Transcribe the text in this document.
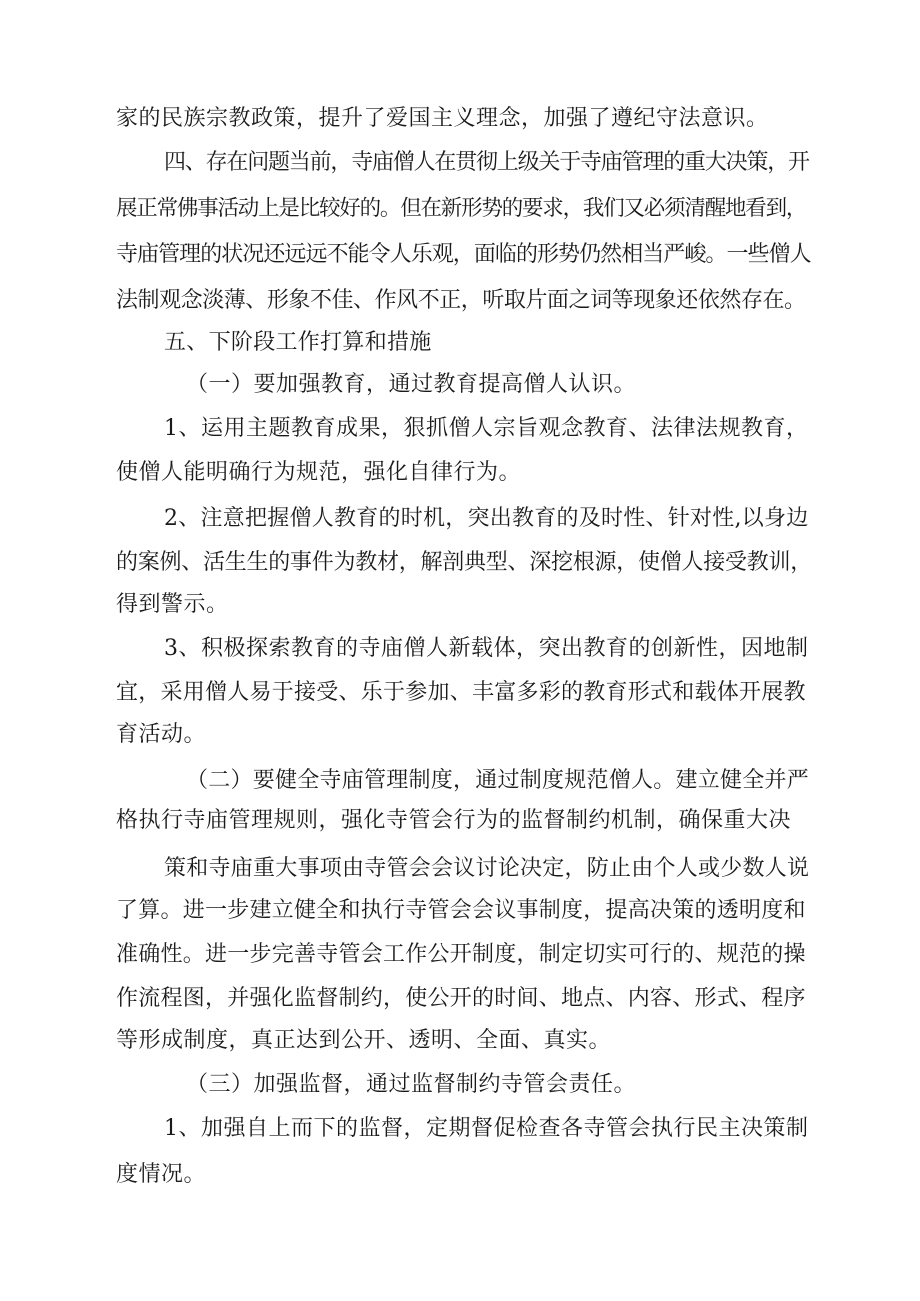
家的民族宗教政策，提升了爱国主义理念，加强了遵纪守法意识。
四、存在问题当前，寺庙僧人在贯彻上级关于寺庙管理的重大决策，开
展正常佛事活动上是比较好的。但在新形势的要求，我们又必须清醒地看到，
寺庙管理的状况还远远不能令人乐观，面临的形势仍然相当严峻。一些僧人
法制观念淡薄、形象不佳、作风不正，听取片面之词等现象还依然存在。
五、下阶段工作打算和措施
（一）要加强教育，通过教育提高僧人认识。
1、运用主题教育成果，狠抓僧人宗旨观念教育、法律法规教育，
使僧人能明确行为规范，强化自律行为。
2、注意把握僧人教育的时机，突出教育的及时性、针对性,以身边
的案例、活生生的事件为教材，解剖典型、深挖根源，使僧人接受教训，
得到警示。
3、积极探索教育的寺庙僧人新载体，突出教育的创新性，因地制
宜，采用僧人易于接受、乐于参加、丰富多彩的教育形式和载体开展教
育活动。
（二）要健全寺庙管理制度，通过制度规范僧人。建立健全并严
格执行寺庙管理规则，强化寺管会行为的监督制约机制，确保重大决
策和寺庙重大事项由寺管会会议讨论决定，防止由个人或少数人说
了算。进一步建立健全和执行寺管会会议事制度，提高决策的透明度和
准确性。进一步完善寺管会工作公开制度，制定切实可行的、规范的操
作流程图，并强化监督制约，使公开的时间、地点、内容、形式、程序
等形成制度，真正达到公开、透明、全面、真实。
（三）加强监督，通过监督制约寺管会责任。
1、加强自上而下的监督，定期督促检查各寺管会执行民主决策制
度情况。
